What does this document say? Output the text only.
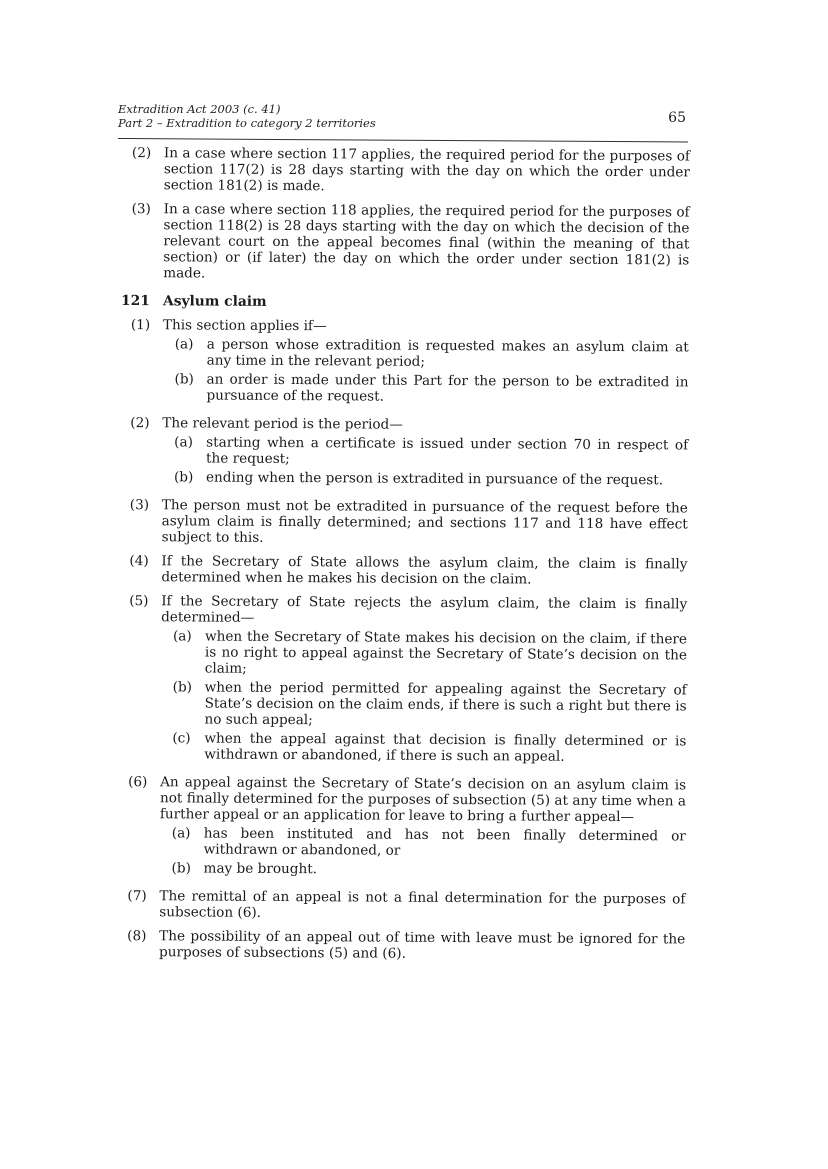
Extradition Act 2003 (c. 41)
Part 2 – Extradition to category 2 territories	65
(2) In a case where section 117 applies, the required period for the purposes of section 117(2) is 28 days starting with the day on which the order under section 181(2) is made.
(3) In a case where section 118 applies, the required period for the purposes of section 118(2) is 28 days starting with the day on which the decision of the relevant court on the appeal becomes final (within the meaning of that section) or (if later) the day on which the order under section 181(2) is made.
121 Asylum claim
(1) This section applies if—
(a) a person whose extradition is requested makes an asylum claim at any time in the relevant period;
(b) an order is made under this Part for the person to be extradited in pursuance of the request.
(2) The relevant period is the period—
(a) starting when a certificate is issued under section 70 in respect of the request;
(b) ending when the person is extradited in pursuance of the request.
(3) The person must not be extradited in pursuance of the request before the asylum claim is finally determined; and sections 117 and 118 have effect subject to this.
(4) If the Secretary of State allows the asylum claim, the claim is finally determined when he makes his decision on the claim.
(5) If the Secretary of State rejects the asylum claim, the claim is finally determined—
(a) when the Secretary of State makes his decision on the claim, if there is no right to appeal against the Secretary of State’s decision on the claim;
(b) when the period permitted for appealing against the Secretary of State’s decision on the claim ends, if there is such a right but there is no such appeal;
(c)	when the appeal against that decision is finally determined or is withdrawn or abandoned, if there is such an appeal.
(6) An appeal against the Secretary of State’s decision on an asylum claim is not finally determined for the purposes of subsection (5) at any time when a further appeal or an application for leave to bring a further appeal—
(a) has been instituted and has not been finally determined or withdrawn or abandoned, or
(b) may be brought.
(7) The remittal of an appeal is not a final determination for the purposes of subsection (6).
(8) The possibility of an appeal out of time with leave must be ignored for the purposes of subsections (5) and (6).
